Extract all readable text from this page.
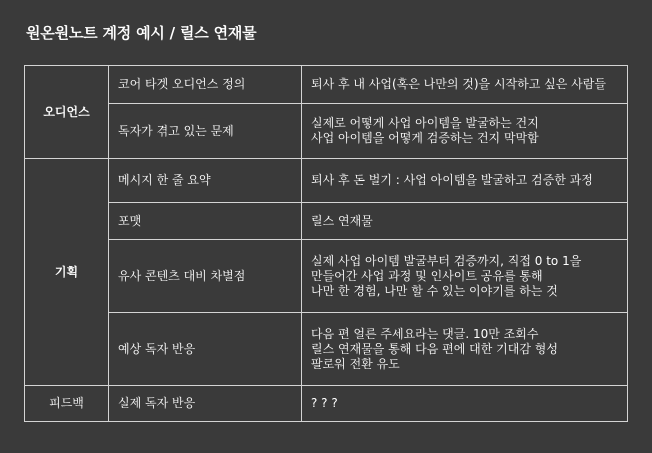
원온원노트 계정 예시 / 릴스 연재물
오디언스	코어 타겟 오디언스 정의	퇴사 후 내 사업(혹은 나만의 것)을 시작하고 싶은 사람들

	독자가 겪고 있는 문제	실제로 어떻게 사업 아이템을 발굴하는 건지
사업 아이템을 어떻게 검증하는 건지 막막함

기획	메시지 한 줄 요약	퇴사 후 돈 벌기 : 사업 아이템을 발굴하고 검증한 과정

	포맷	릴스 연재물

	유사 콘텐츠 대비 차별점	실제 사업 아이템 발굴부터 검증까지, 직접 0 to 1을
만들어간 사업 과정 및 인사이트 공유를 통해
나만 한 경험, 나만 할 수 있는 이야기를 하는 것

	예상 독자 반응	다음 편 얼른 주세요라는 댓글. 10만 조회수
릴스 연재물을 통해 다음 편에 대한 기대감 형성
팔로워 전환 유도

피드백	실제 독자 반응	? ? ?
